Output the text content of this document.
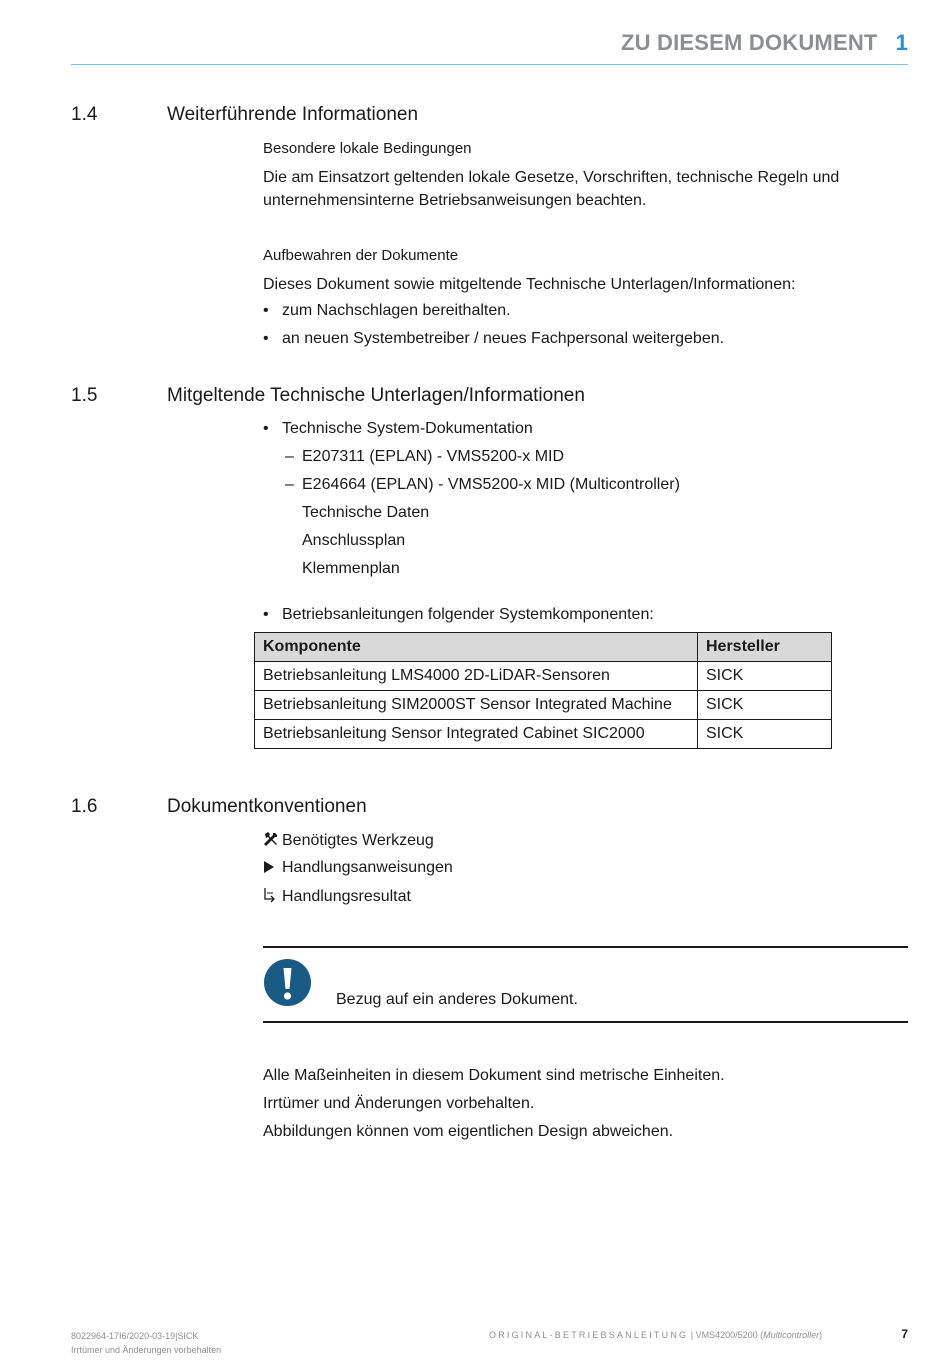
ZU DIESEM DOKUMENT 1
1.4	Weiterführende Informationen
Besondere lokale Bedingungen
Die am Einsatzort geltenden lokale Gesetze, Vorschriften, technische Regeln und
unternehmensinterne Betriebsanweisungen beachten.
Aufbewahren der Dokumente
Dieses Dokument sowie mitgeltende Technische Unterlagen/Informationen:
• zum Nachschlagen bereithalten.
• an neuen Systembetreiber / neues Fachpersonal weitergeben.
1.5	Mitgeltende Technische Unterlagen/Informationen
• Technische System-Dokumentation
– E207311 (EPLAN) - VMS5200-x MID
– E264664 (EPLAN) - VMS5200-x MID (Multicontroller)
Technische Daten
Anschlussplan
Klemmenplan
• Betriebsanleitungen folgender Systemkomponenten:
Komponente	Hersteller
Betriebsanleitung LMS4000 2D-LiDAR-Sensoren	SICK
Betriebsanleitung SIM2000ST Sensor Integrated Machine	SICK
Betriebsanleitung Sensor Integrated Cabinet SIC2000	SICK
1.6	Dokumentkonventionen
Benötigtes Werkzeug
Handlungsanweisungen
Handlungsresultat
Bezug auf ein anderes Dokument.
Alle Maßeinheiten in diesem Dokument sind metrische Einheiten.
Irrtümer und Änderungen vorbehalten.
Abbildungen können vom eigentlichen Design abweichen.
8022964-17I6/2020-03-19|SICK
Irrtümer und Änderungen vorbehalten
ORIGINAL-BETRIEBSANLEITUNG | VMS4200/5200 (Multicontroller)	7
